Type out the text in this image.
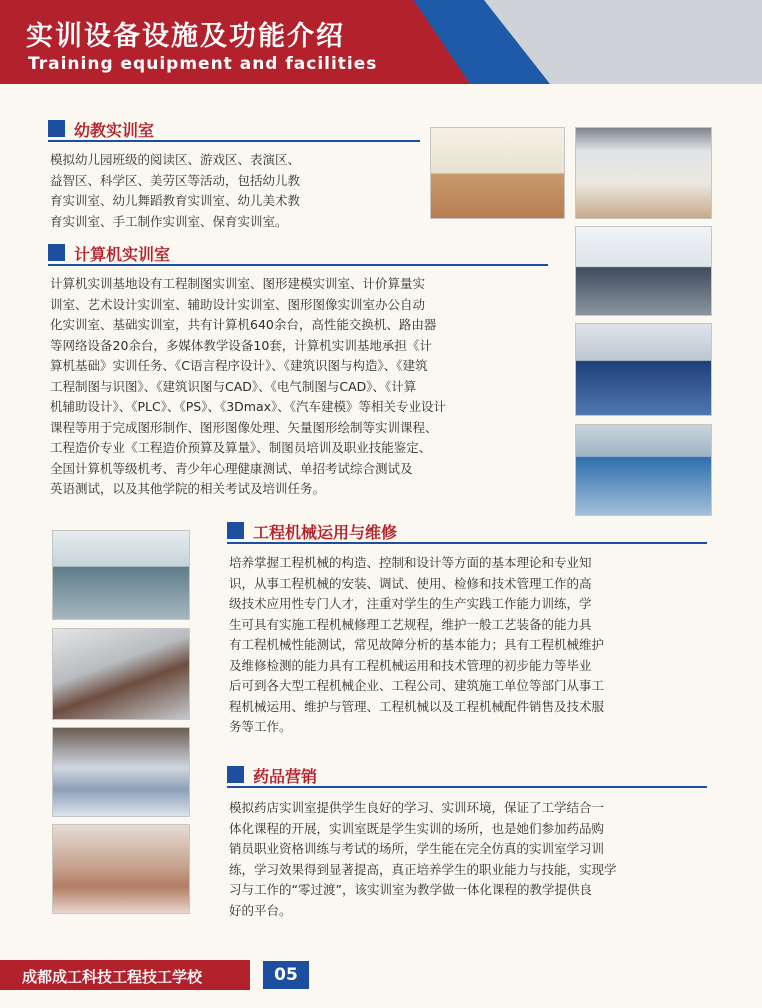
实训设备设施及功能介绍
Training equipment and facilities
幼教实训室
模拟幼儿园班级的阅读区、游戏区、表演区、
益智区、科学区、美劳区等活动，包括幼儿教
育实训室、幼儿舞蹈教育实训室、幼儿美术教
育实训室、手工制作实训室、保育实训室。
计算机实训室
计算机实训基地设有工程制图实训室、图形建模实训室、计价算量实
训室、艺术设计实训室、辅助设计实训室、图形图像实训室办公自动
化实训室、基础实训室，共有计算机640余台，高性能交换机、路由器
等网络设备20余台，多媒体教学设备10套，计算机实训基地承担《计
算机基础》实训任务、《C语言程序设计》、《建筑识图与构造》、《建筑
工程制图与识图》、《建筑识图与CAD》、《电气制图与CAD》、《计算
机辅助设计》、《PLC》、《PS》、《3Dmax》、《汽车建模》等相关专业设计
课程等用于完成图形制作、图形图像处理、矢量图形绘制等实训课程、
工程造价专业《工程造价预算及算量》、制图员培训及职业技能鉴定、
全国计算机等级机考、青少年心理健康测试、单招考试综合测试及
英语测试，以及其他学院的相关考试及培训任务。
工程机械运用与维修
培养掌握工程机械的构造、控制和设计等方面的基本理论和专业知
识，从事工程机械的安装、调试、使用、检修和技术管理工作的高
级技术应用性专门人才，注重对学生的生产实践工作能力训练，学
生可具有实施工程机械修理工艺规程，维护一般工艺装备的能力具
有工程机械性能测试，常见故障分析的基本能力；具有工程机械维护
及维修检测的能力具有工程机械运用和技术管理的初步能力等毕业
后可到各大型工程机械企业、工程公司、建筑施工单位等部门从事工
程机械运用、维护与管理、工程机械以及工程机械配件销售及技术服
务等工作。
药品营销
模拟药店实训室提供学生良好的学习、实训环境，保证了工学结合一
体化课程的开展，实训室既是学生实训的场所，也是她们参加药品购
销员职业资格训练与考试的场所，学生能在完全仿真的实训室学习训
练，学习效果得到显著提高，真正培养学生的职业能力与技能，实现学
习与工作的“零过渡”，该实训室为教学做一体化课程的教学提供良
好的平台。
成都成工科技工程技工学校	05
